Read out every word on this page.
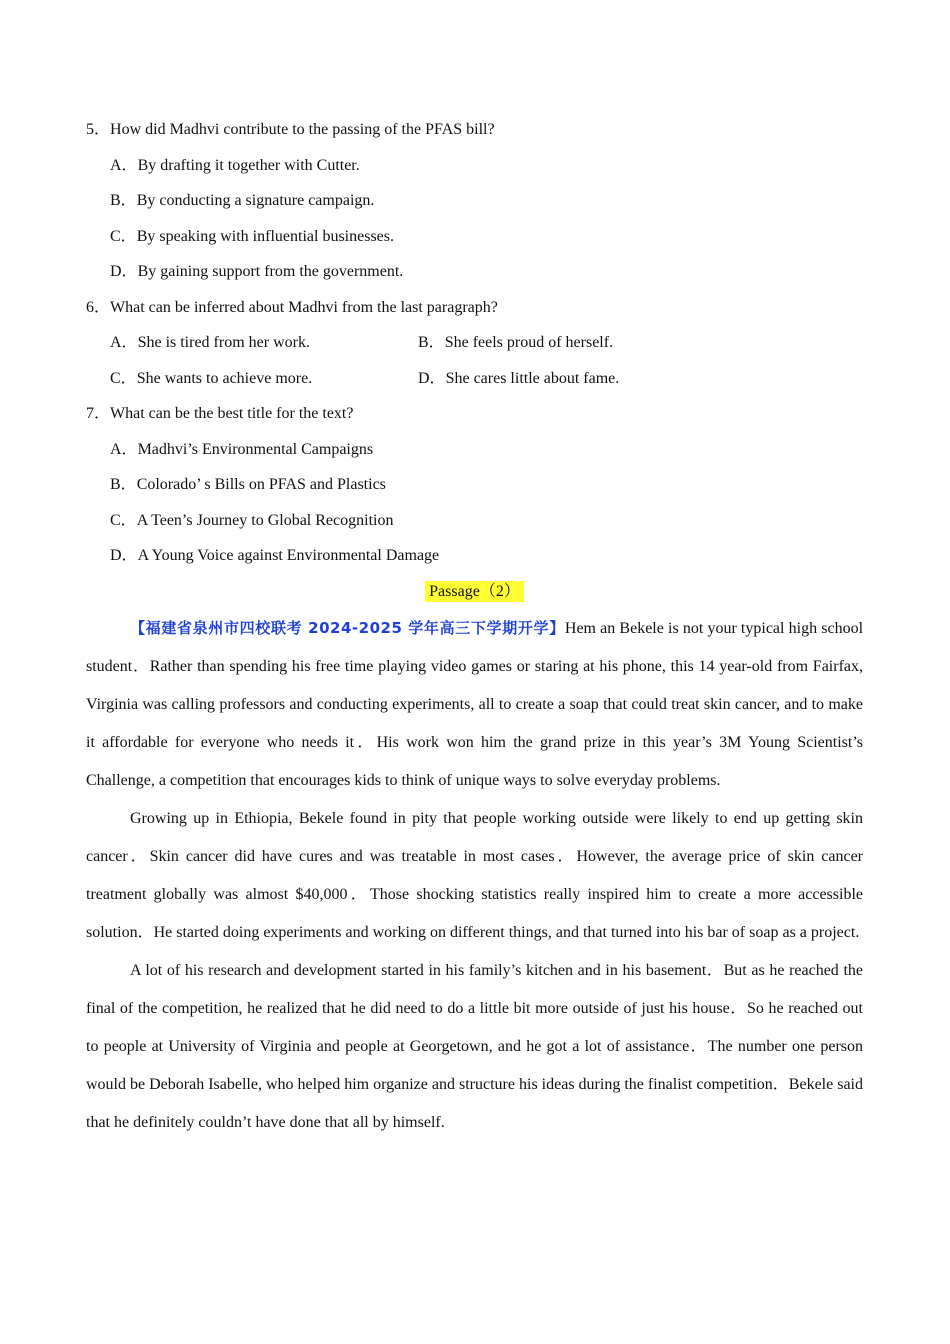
5．How did Madhvi contribute to the passing of the PFAS bill?
A．By drafting it together with Cutter.
B．By conducting a signature campaign.
C．By speaking with influential businesses.
D．By gaining support from the government.
6．What can be inferred about Madhvi from the last paragraph?
A．She is tired from her work.	B．She feels proud of herself.
C．She wants to achieve more.	D．She cares little about fame.
7．What can be the best title for the text?
A．Madhvi’s Environmental Campaigns
B．Colorado’ s Bills on PFAS and Plastics
C．A Teen’s Journey to Global Recognition
D．A Young Voice against Environmental Damage
Passage（2）

【福建省泉州市四校联考 2024-2025 学年高三下学期开学】Hem an Bekele is not your typical high school student．Rather than spending his free time playing video games or staring at his phone, this 14 year-old from Fairfax, Virginia was calling professors and conducting experiments, all to create a soap that could treat skin cancer, and to make it affordable for everyone who needs it．His work won him the grand prize in this year’s 3M Young Scientist’s Challenge, a competition that encourages kids to think of unique ways to solve everyday problems.

Growing up in Ethiopia, Bekele found in pity that people working outside were likely to end up getting skin cancer．Skin cancer did have cures and was treatable in most cases．However, the average price of skin cancer treatment globally was almost $40,000．Those shocking statistics really inspired him to create a more accessible solution．He started doing experiments and working on different things, and that turned into his bar of soap as a project.

A lot of his research and development started in his family’s kitchen and in his basement．But as he reached the final of the competition, he realized that he did need to do a little bit more outside of just his house．So he reached out to people at University of Virginia and people at Georgetown, and he got a lot of assistance．The number one person would be Deborah Isabelle, who helped him organize and structure his ideas during the finalist competition．Bekele said that he definitely couldn’t have done that all by himself.
